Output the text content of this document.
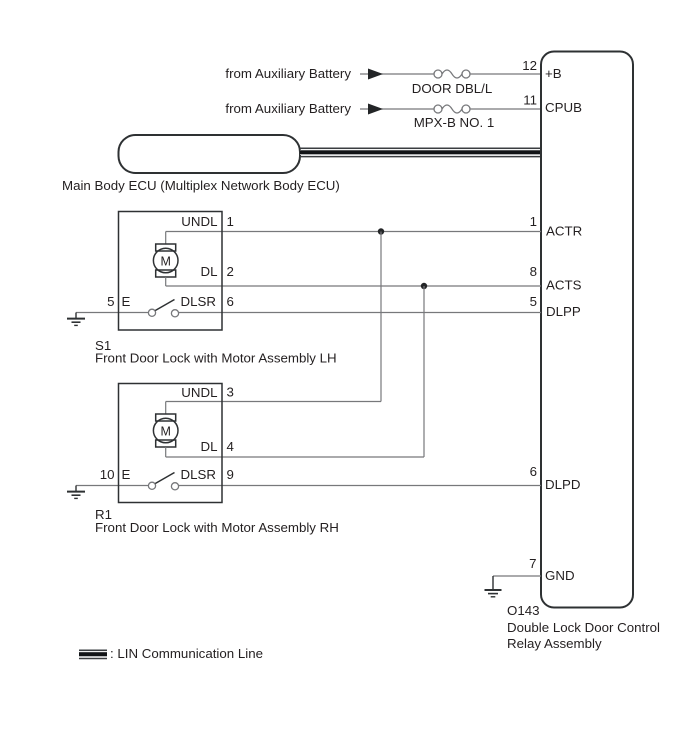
from Auxiliary Battery
DOOR DBL/L
12
+B
from Auxiliary Battery
MPX-B NO. 1
11 CPUB
Main Body ECU (Multiplex Network Body ECU)
O143
Double Lock Door Control
Relay Assembly
1
ACTR
8
ACTS
5
DLPP
6
DLPD
UNDL 1
DL 2
5 E	DLSR 6
M
S1
Front Door Lock with Motor Assembly LH
UNDL 3
DL 4
10 E	DLSR 9
M
R1
Front Door Lock with Motor Assembly RH
7
GND
: LIN Communication Line
